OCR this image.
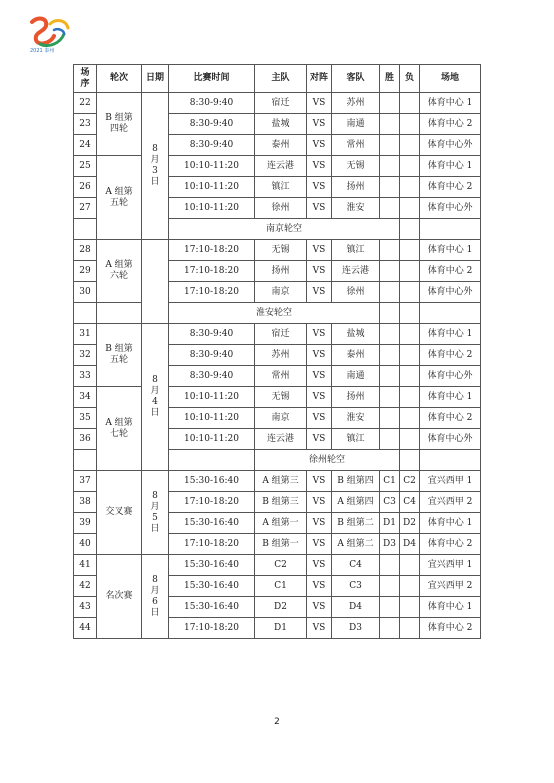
2021 泰州
场序	轮次	日期	比赛时间	主队	对阵	客队	胜	负	场地	
22	B 组第四轮	8 月 3 日	8:30-9:40	宿迁	VS	苏州			体育中心 1	
23			8:30-9:40	盐城	VS	南通			体育中心 2	
24			8:30-9:40	泰州	VS	常州			体育中心外	
25	A 组第五轮		10:10-11:20	连云港	VS	无锡			体育中心 1	
26			10:10-11:20	镇江	VS	扬州			体育中心 2	
27			10:10-11:20	徐州	VS	淮安			体育中心外	
			南京轮空							
28	A 组第六轮		17:10-18:20	无锡	VS	镇江			体育中心 1	
29			17:10-18:20	扬州	VS	连云港			体育中心 2	
30			17:10-18:20	南京	VS	徐州			体育中心外	
			淮安轮空							
31	B 组第五轮	8 月 4 日	8:30-9:40	宿迁	VS	盐城			体育中心 1	
32			8:30-9:40	苏州	VS	泰州			体育中心 2	
33			8:30-9:40	常州	VS	南通			体育中心外	
34	A 组第七轮		10:10-11:20	无锡	VS	扬州			体育中心 1	
35			10:10-11:20	南京	VS	淮安			体育中心 2	
36			10:10-11:20	连云港	VS	镇江			体育中心外	
				徐州轮空						
37	交叉赛	8 月 5 日	15:30-16:40	A 组第三	VS	B 组第四	C1	C2	宜兴西甲 1	
38			17:10-18:20	B 组第三	VS	A 组第四	C3	C4	宜兴西甲 2	
39			15:30-16:40	A 组第一	VS	B 组第二	D1	D2	体育中心 1	
40			17:10-18:20	B 组第一	VS	A 组第二	D3	D4	体育中心 2	
41	名次赛	8 月 6 日	15:30-16:40	C2	VS	C4			宜兴西甲 1	
42			15:30-16:40	C1	VS	C3			宜兴西甲 2	
43			15:30-16:40	D2	VS	D4			体育中心 1	
44			17:10-18:20	D1	VS	D3			体育中心 2	
2
